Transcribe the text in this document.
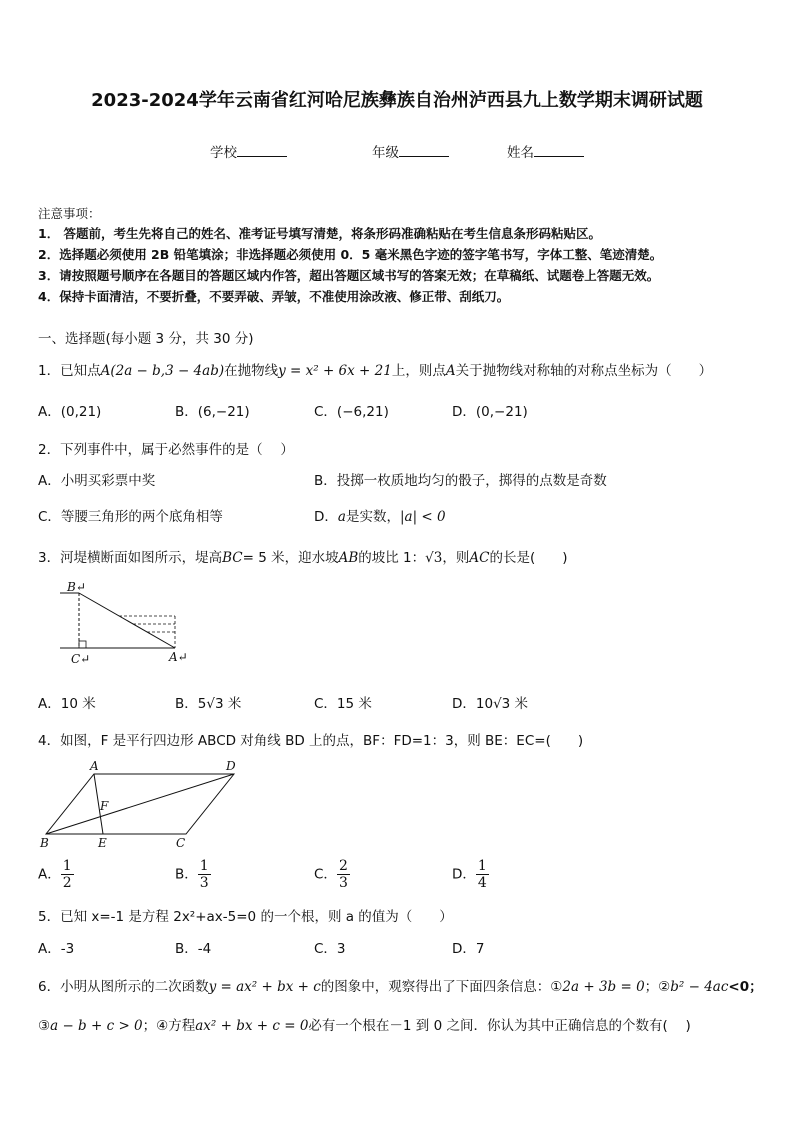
2023-2024学年云南省红河哈尼族彝族自治州泸西县九上数学期末调研试题
学校	年级	姓名
注意事项：
1． 答题前，考生先将自己的姓名、准考证号填写清楚，将条形码准确粘贴在考生信息条形码粘贴区。
2．选择题必须使用 2B 铅笔填涂；非选择题必须使用 0．5 毫米黑色字迹的签字笔书写，字体工整、笔迹清楚。
3．请按照题号顺序在各题目的答题区域内作答，超出答题区域书写的答案无效；在草稿纸、试题卷上答题无效。
4．保持卡面清洁，不要折叠，不要弄破、弄皱，不准使用涂改液、修正带、刮纸刀。
一、选择题(每小题 3 分，共 30 分)
1．已知点A(2a − b,3 − 4ab)在抛物线y = x² + 6x + 21上，则点A关于抛物线对称轴的对称点坐标为（　　）
A．(0,21)	B．(6,−21)	C．(−6,21)	D．(0,−21)
2．下列事件中，属于必然事件的是（　 ）
A．小明买彩票中奖	B．投掷一枚质地均匀的骰子，掷得的点数是奇数
C．等腰三角形的两个底角相等	D．a是实数，|a| < 0
3．河堤横断面如图所示，堤高BC= 5 米，迎水坡AB的坡比 1：√3，则AC的长是(　　)
B↵
C↵	A↵
A．10 米	B．5√3 米	C．15 米	D．10√3 米
4．如图，F 是平行四边形 ABCD 对角线 BD 上的点，BF：FD=1：3，则 BE：EC=(　　)
A	D
F
B	E	C
A． $\frac{1}{2}$	B． $\frac{1}{3}$	C． $\frac{2}{3}$	D． $\frac{1}{4}$
5．已知 x=-1 是方程 2x²+ax-5=0 的一个根，则 a 的值为（　　）
A．-3	B．-4	C．3	D．7
6．小明从图所示的二次函数y = ax² + bx + c的图象中，观察得出了下面四条信息：①2a + 3b = 0；②b² − 4ac<0；
③a − b + c > 0；④方程ax² + bx + c = 0必有一个根在－1 到 0 之间．你认为其中正确信息的个数有(　 )
